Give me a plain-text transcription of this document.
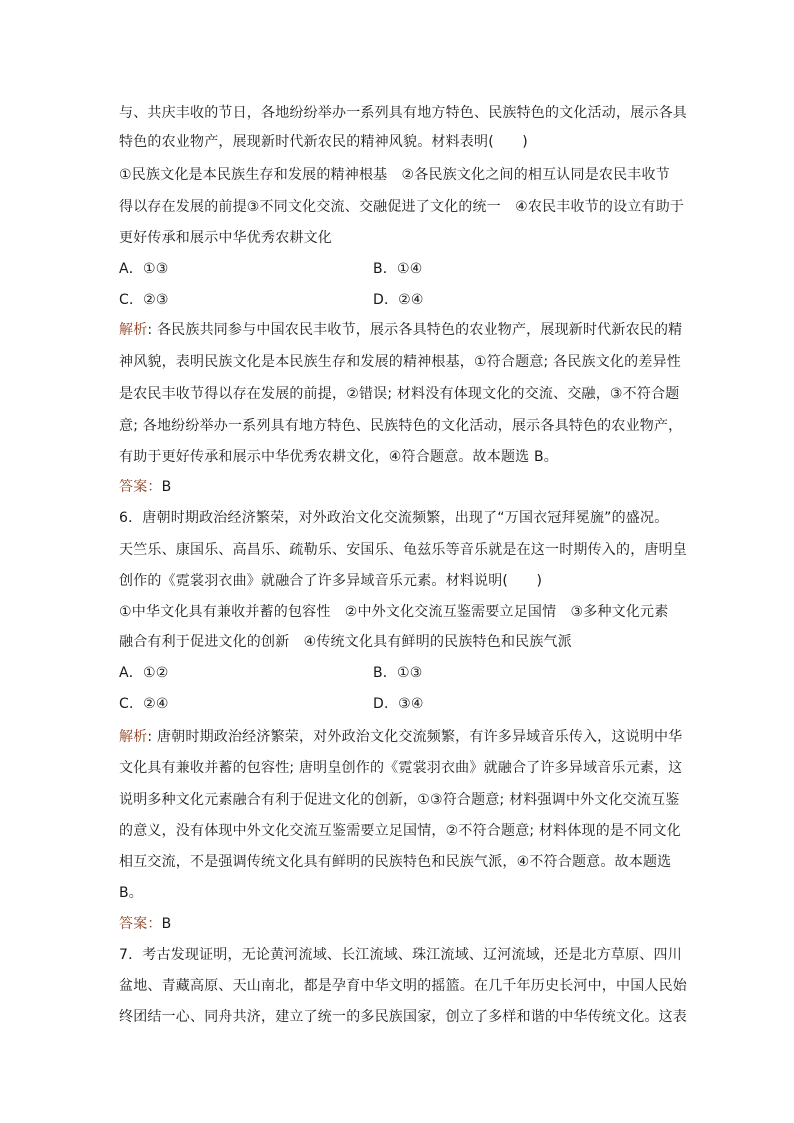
与、共庆丰收的节日，各地纷纷举办一系列具有地方特色、民族特色的文化活动，展示各具
特色的农业物产，展现新时代新农民的精神风貌。材料表明(　　)
①民族文化是本民族生存和发展的精神根基　②各民族文化之间的相互认同是农民丰收节
得以存在发展的前提③不同文化交流、交融促进了文化的统一　④农民丰收节的设立有助于
更好传承和展示中华优秀农耕文化
A．①③	B．①④
C．②③	D．②④
解析: 各民族共同参与中国农民丰收节，展示各具特色的农业物产，展现新时代新农民的精
神风貌，表明民族文化是本民族生存和发展的精神根基，①符合题意; 各民族文化的差异性
是农民丰收节得以存在发展的前提，②错误; 材料没有体现文化的交流、交融，③不符合题
意; 各地纷纷举办一系列具有地方特色、民族特色的文化活动，展示各具特色的农业物产，
有助于更好传承和展示中华优秀农耕文化，④符合题意。故本题选 B。
答案：B
6．唐朝时期政治经济繁荣，对外政治文化交流频繁，出现了“万国衣冠拜冕旒”的盛况。
天竺乐、康国乐、高昌乐、疏勒乐、安国乐、龟兹乐等音乐就是在这一时期传入的，唐明皇
创作的《霓裳羽衣曲》就融合了许多异域音乐元素。材料说明(　　)
①中华文化具有兼收并蓄的包容性　②中外文化交流互鉴需要立足国情　③多种文化元素
融合有利于促进文化的创新　④传统文化具有鲜明的民族特色和民族气派
A．①②	B．①③
C．②④	D．③④
解析: 唐朝时期政治经济繁荣，对外政治文化交流频繁，有许多异域音乐传入，这说明中华
文化具有兼收并蓄的包容性; 唐明皇创作的《霓裳羽衣曲》就融合了许多异域音乐元素，这
说明多种文化元素融合有利于促进文化的创新，①③符合题意; 材料强调中外文化交流互鉴
的意义，没有体现中外文化交流互鉴需要立足国情，②不符合题意; 材料体现的是不同文化
相互交流，不是强调传统文化具有鲜明的民族特色和民族气派，④不符合题意。故本题选
B。
答案：B
7．考古发现证明，无论黄河流域、长江流域、珠江流域、辽河流域，还是北方草原、四川
盆地、青藏高原、天山南北，都是孕育中华文明的摇篮。在几千年历史长河中，中国人民始
终团结一心、同舟共济，建立了统一的多民族国家，创立了多样和谐的中华传统文化。这表
